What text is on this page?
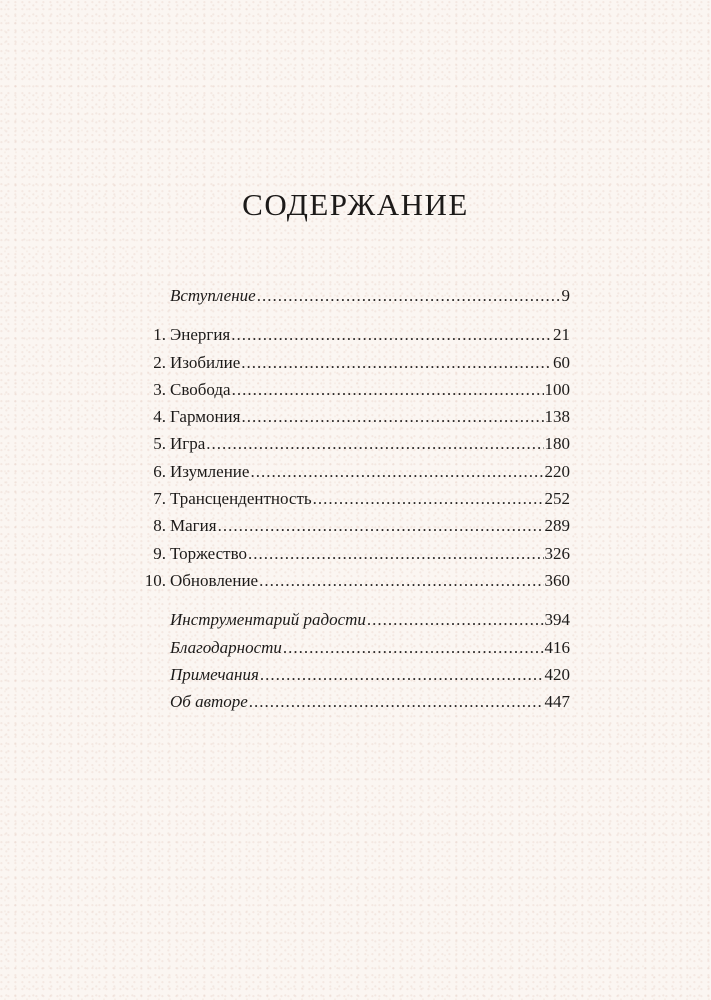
СОДЕРЖАНИЕ
Вступление .....	9
1. Энергия .....	21
2. Изобилие .....	60
3. Свобода .....	100
4. Гармония .....	138
5. Игра .....	180
6. Изумление .....	220
7. Трансцендентность .....	252
8. Магия .....	289
9. Торжество .....	326
10. Обновление .....	360
Инструментарий радости .....	394
Благодарности .....	416
Примечания .....	420
Об авторе .....	447
